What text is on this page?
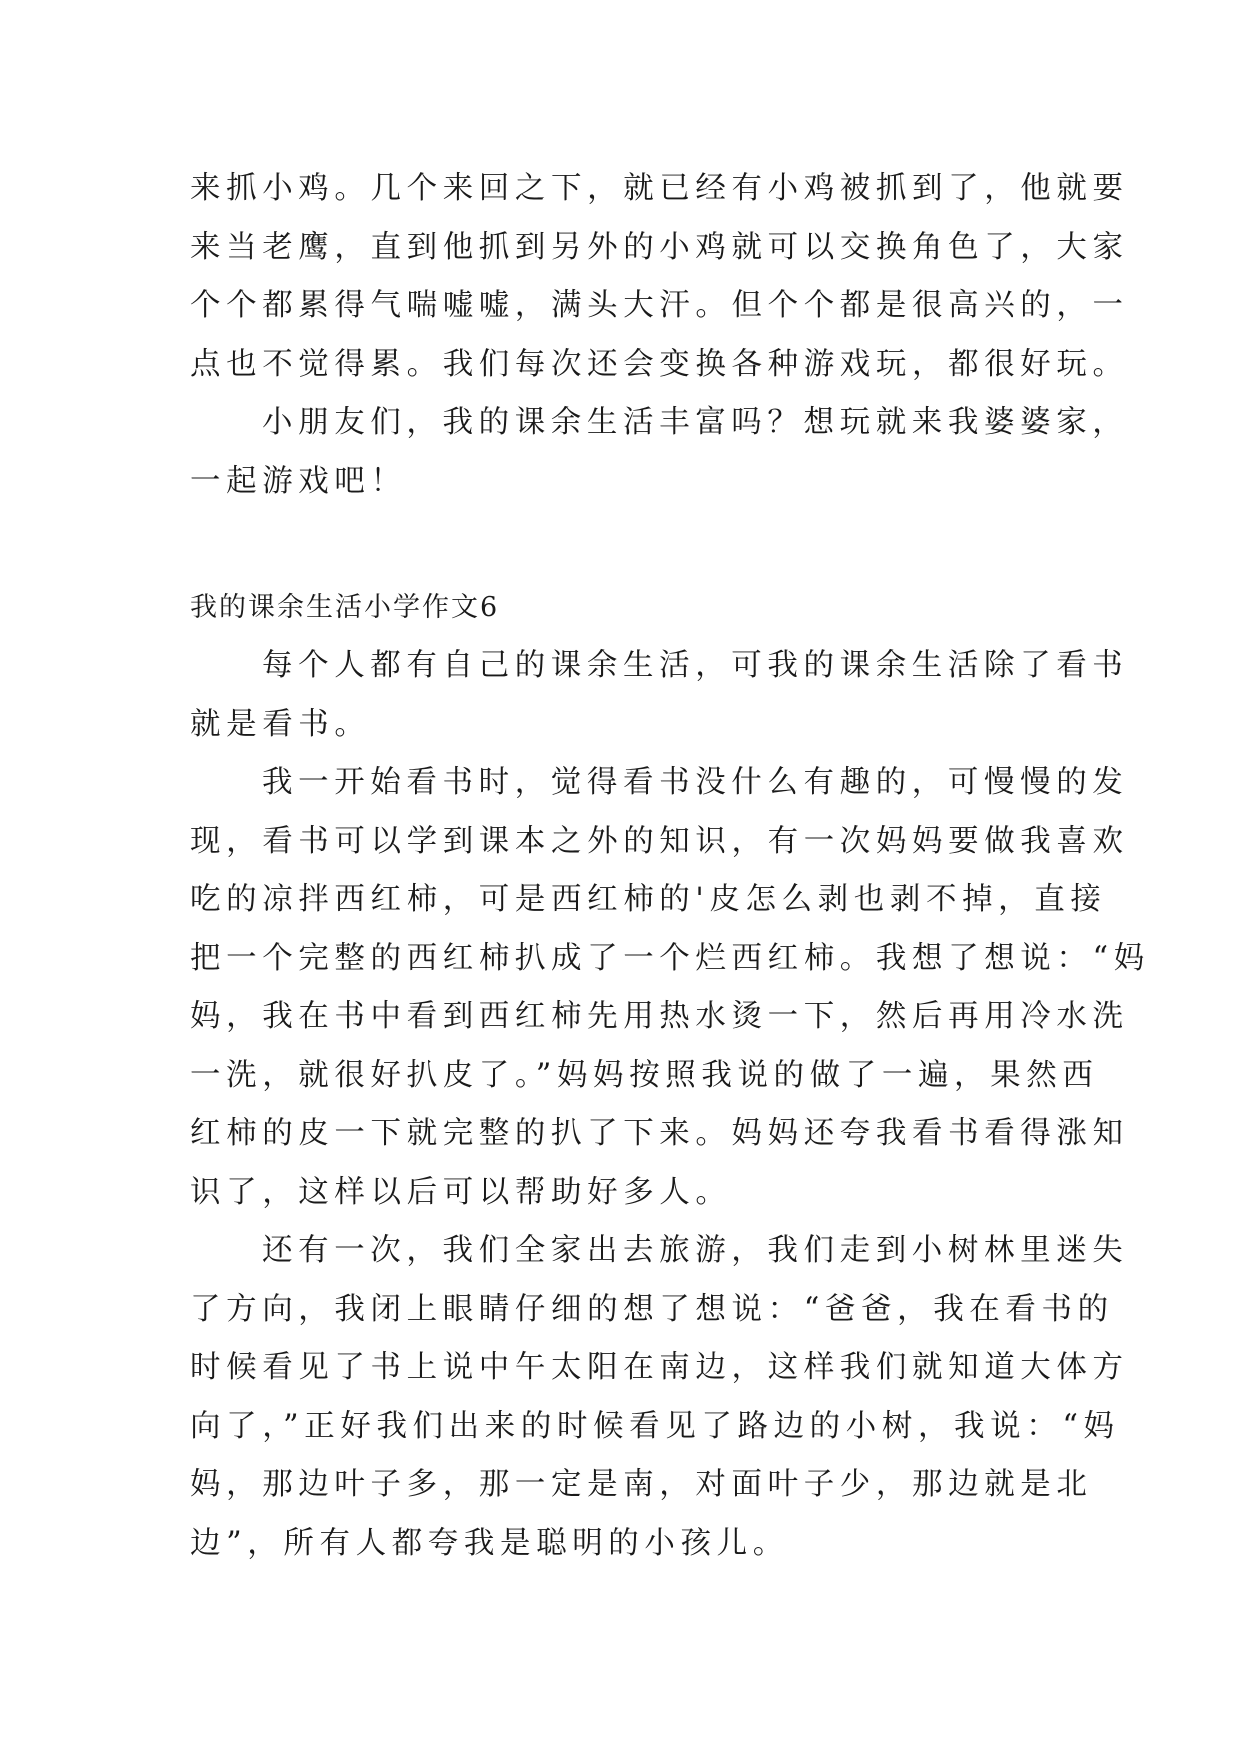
来抓小鸡。几个来回之下，就已经有小鸡被抓到了，他就要
来当老鹰，直到他抓到另外的小鸡就可以交换角色了，大家
个个都累得气喘嘘嘘，满头大汗。但个个都是很高兴的，一
点也不觉得累。我们每次还会变换各种游戏玩，都很好玩。
小朋友们，我的课余生活丰富吗？想玩就来我婆婆家，
一起游戏吧！
我的课余生活小学作文6
每个人都有自己的课余生活，可我的课余生活除了看书
就是看书。
我一开始看书时，觉得看书没什么有趣的，可慢慢的发
现，看书可以学到课本之外的知识，有一次妈妈要做我喜欢
吃的凉拌西红柿，可是西红柿的'皮怎么剥也剥不掉，直接
把一个完整的西红柿扒成了一个烂西红柿。我想了想说：“妈
妈，我在书中看到西红柿先用热水烫一下，然后再用冷水洗
一洗，就很好扒皮了。”妈妈按照我说的做了一遍，果然西
红柿的皮一下就完整的扒了下来。妈妈还夸我看书看得涨知
识了，这样以后可以帮助好多人。
还有一次，我们全家出去旅游，我们走到小树林里迷失
了方向，我闭上眼睛仔细的想了想说：“爸爸，我在看书的
时候看见了书上说中午太阳在南边，这样我们就知道大体方
向了，”正好我们出来的时候看见了路边的小树，我说：“妈
妈，那边叶子多，那一定是南，对面叶子少，那边就是北
边”，所有人都夸我是聪明的小孩儿。
